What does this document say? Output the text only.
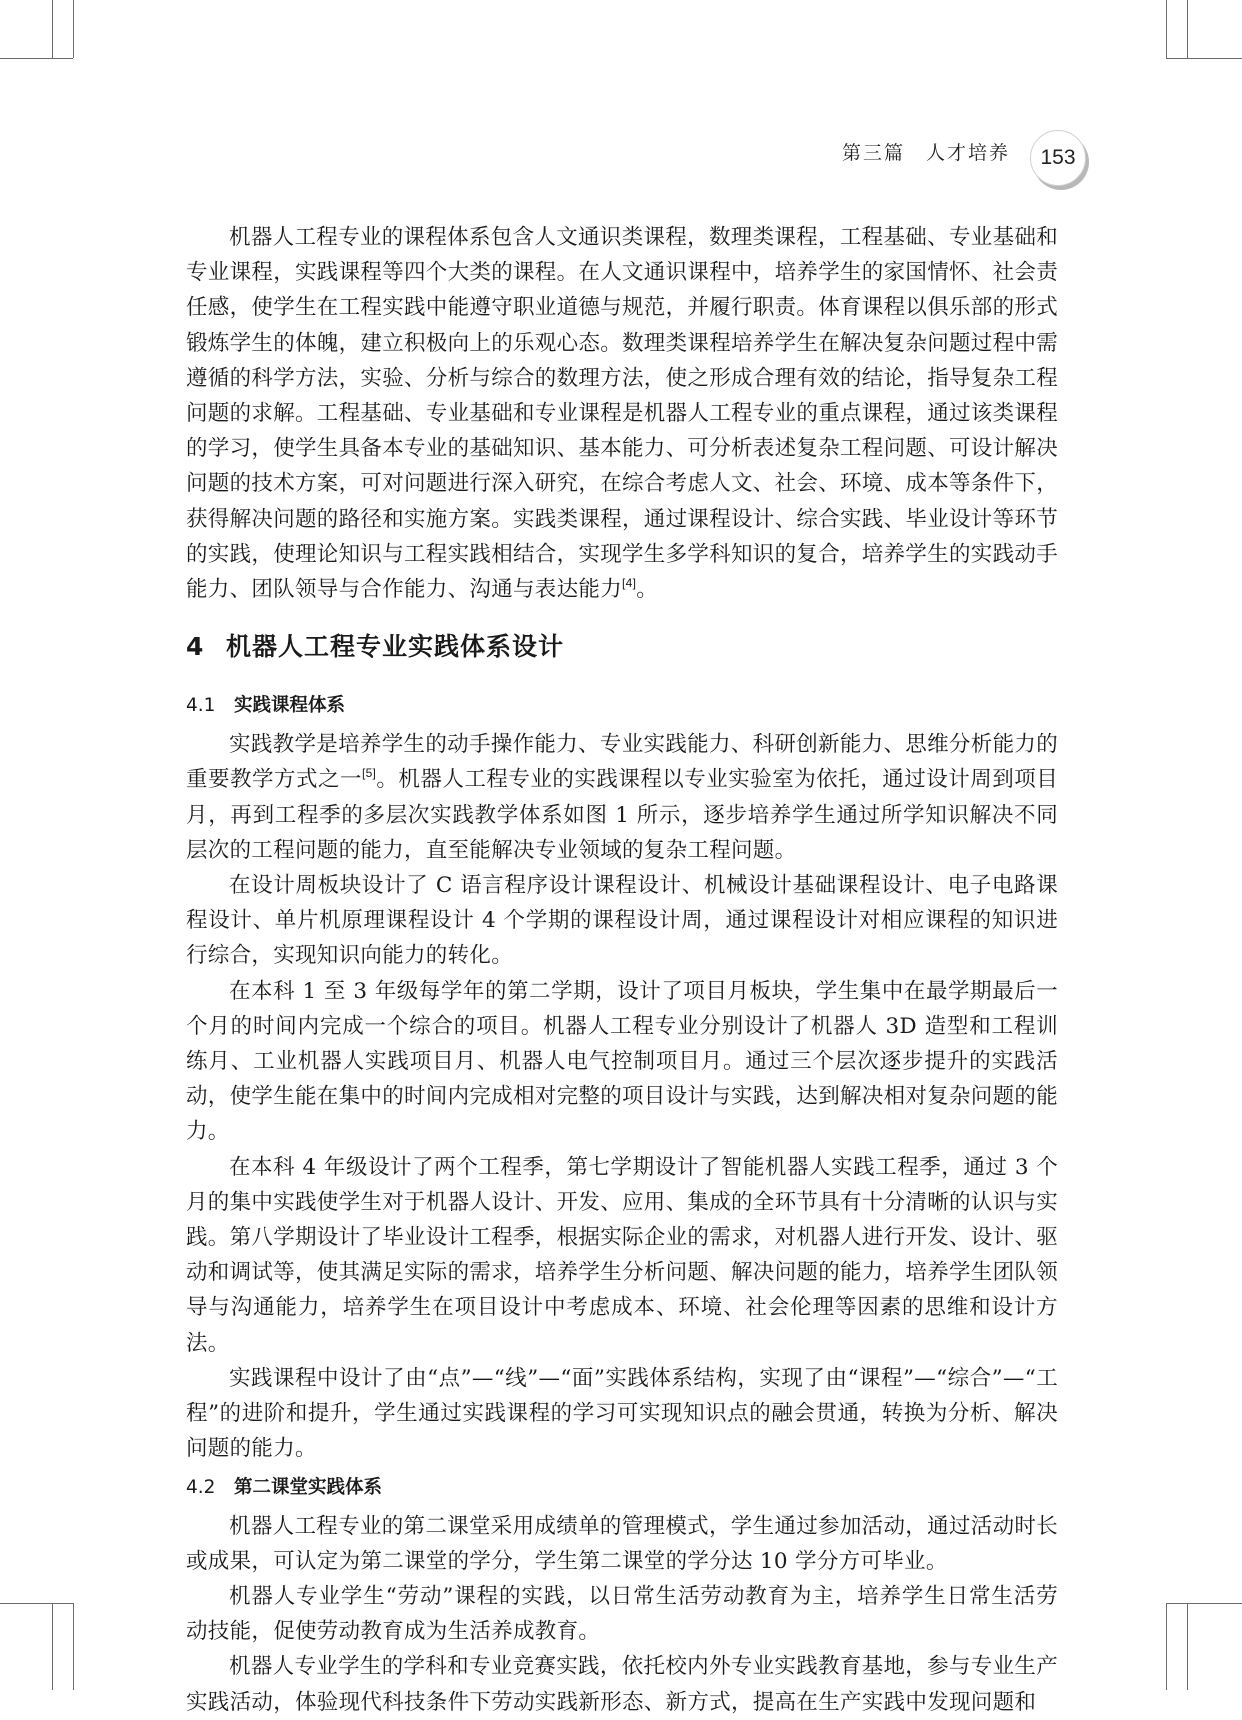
第三篇　人才培养 153

机器人工程专业的课程体系包含人文通识类课程，数理类课程，工程基础、专业基础和专业课程，实践课程等四个大类的课程。在人文通识课程中，培养学生的家国情怀、社会责任感，使学生在工程实践中能遵守职业道德与规范，并履行职责。体育课程以俱乐部的形式锻炼学生的体魄，建立积极向上的乐观心态。数理类课程培养学生在解决复杂问题过程中需遵循的科学方法，实验、分析与综合的数理方法，使之形成合理有效的结论，指导复杂工程问题的求解。工程基础、专业基础和专业课程是机器人工程专业的重点课程，通过该类课程的学习，使学生具备本专业的基础知识、基本能力、可分析表述复杂工程问题、可设计解决问题的技术方案，可对问题进行深入研究，在综合考虑人文、社会、环境、成本等条件下，获得解决问题的路径和实施方案。实践类课程，通过课程设计、综合实践、毕业设计等环节的实践，使理论知识与工程实践相结合，实现学生多学科知识的复合，培养学生的实践动手能力、团队领导与合作能力、沟通与表达能力[4]。

4 机器人工程专业实践体系设计
4.1 实践课程体系

实践教学是培养学生的动手操作能力、专业实践能力、科研创新能力、思维分析能力的重要教学方式之一[5]。机器人工程专业的实践课程以专业实验室为依托，通过设计周到项目月，再到工程季的多层次实践教学体系如图 1 所示，逐步培养学生通过所学知识解决不同层次的工程问题的能力，直至能解决专业领域的复杂工程问题。

在设计周板块设计了 C 语言程序设计课程设计、机械设计基础课程设计、电子电路课程设计、单片机原理课程设计 4 个学期的课程设计周，通过课程设计对相应课程的知识进行综合，实现知识向能力的转化。

在本科 1 至 3 年级每学年的第二学期，设计了项目月板块，学生集中在最学期最后一个月的时间内完成一个综合的项目。机器人工程专业分别设计了机器人 3D 造型和工程训练月、工业机器人实践项目月、机器人电气控制项目月。通过三个层次逐步提升的实践活动，使学生能在集中的时间内完成相对完整的项目设计与实践，达到解决相对复杂问题的能力。

在本科 4 年级设计了两个工程季，第七学期设计了智能机器人实践工程季，通过 3 个月的集中实践使学生对于机器人设计、开发、应用、集成的全环节具有十分清晰的认识与实践。第八学期设计了毕业设计工程季，根据实际企业的需求，对机器人进行开发、设计、驱动和调试等，使其满足实际的需求，培养学生分析问题、解决问题的能力，培养学生团队领导与沟通能力，培养学生在项目设计中考虑成本、环境、社会伦理等因素的思维和设计方法。

实践课程中设计了由“点”—“线”—“面”实践体系结构，实现了由“课程”—“综合”—“工程”的进阶和提升，学生通过实践课程的学习可实现知识点的融会贯通，转换为分析、解决问题的能力。

4.2 第二课堂实践体系

机器人工程专业的第二课堂采用成绩单的管理模式，学生通过参加活动，通过活动时长或成果，可认定为第二课堂的学分，学生第二课堂的学分达 10 学分方可毕业。

机器人专业学生“劳动”课程的实践，以日常生活劳动教育为主，培养学生日常生活劳动技能，促使劳动教育成为生活养成教育。

机器人专业学生的学科和专业竞赛实践，依托校内外专业实践教育基地，参与专业生产实践活动，体验现代科技条件下劳动实践新形态、新方式，提高在生产实践中发现问题和
